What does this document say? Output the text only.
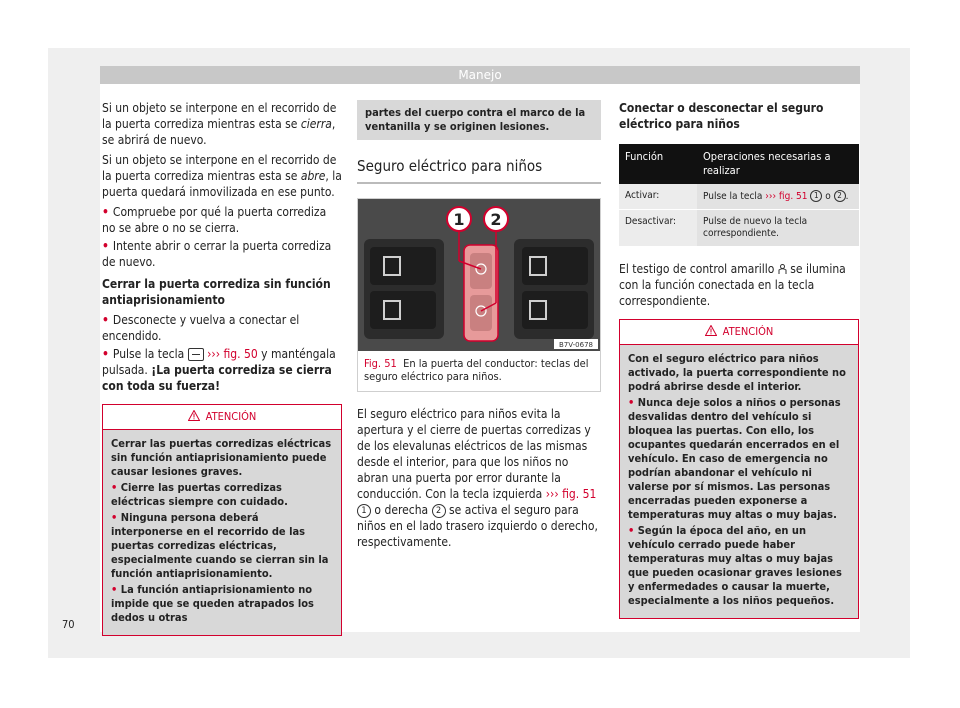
Manejo

Si un objeto se interpone en el recorrido de la puerta corrediza mientras esta se cierra, se abrirá de nuevo.

Si un objeto se interpone en el recorrido de la puerta corrediza mientras esta se abre, la puerta quedará inmovilizada en ese punto.

• Compruebe por qué la puerta corrediza no se abre o no se cierra.

• Intente abrir o cerrar la puerta corrediza de nuevo.

Cerrar la puerta corrediza sin función antiaprisionamiento

• Desconecte y vuelva a conectar el encendido.

• Pulse la tecla  ››› fig. 50 y manténgala pulsada. ¡La puerta corrediza se cierra con toda su fuerza!

ATENCIÓN

Cerrar las puertas corredizas eléctricas sin función antiaprisionamiento puede causar lesiones graves.

• Cierre las puertas corredizas eléctricas siempre con cuidado.

• Ninguna persona deberá interponerse en el recorrido de las puertas corredizas eléctricas, especialmente cuando se cierran sin la función antiaprisionamiento.

• La función antiaprisionamiento no impide que se queden atrapados los dedos u otras

partes del cuerpo contra el marco de la ventanilla y se originen lesiones.
Seguro eléctrico para niños
1 2
B7V-0678
Fig. 51 En la puerta del conductor: teclas del seguro eléctrico para niños.

El seguro eléctrico para niños evita la apertura y el cierre de puertas corredizas y de los elevalunas eléctricos de las mismas desde el interior, para que los niños no abran una puerta por error durante la conducción. Con la tecla izquierda ››› fig. 51 1 o derecha 2 se activa el seguro para niños en el lado trasero izquierdo o derecho, respectivamente.

Conectar o desconectar el seguro eléctrico para niños

Función	Operaciones necesarias a realizar
Activar:	Pulse la tecla ››› fig. 51 1 o 2 .
Desactivar:	Pulse de nuevo la tecla correspondiente.

El testigo de control amarillo  se ilumina con la función conectada en la tecla correspondiente.

ATENCIÓN

Con el seguro eléctrico para niños activado, la puerta correspondiente no podrá abrirse desde el interior.

• Nunca deje solos a niños o personas desvalidas dentro del vehículo si bloquea las puertas. Con ello, los ocupantes quedarán encerrados en el vehículo. En caso de emergencia no podrían abandonar el vehículo ni valerse por sí mismos. Las personas encerradas pueden exponerse a temperaturas muy altas o muy bajas.

• Según la época del año, en un vehículo cerrado puede haber temperaturas muy altas o muy bajas que pueden ocasionar graves lesiones y enfermedades o causar la muerte, especialmente a los niños pequeños.

70
